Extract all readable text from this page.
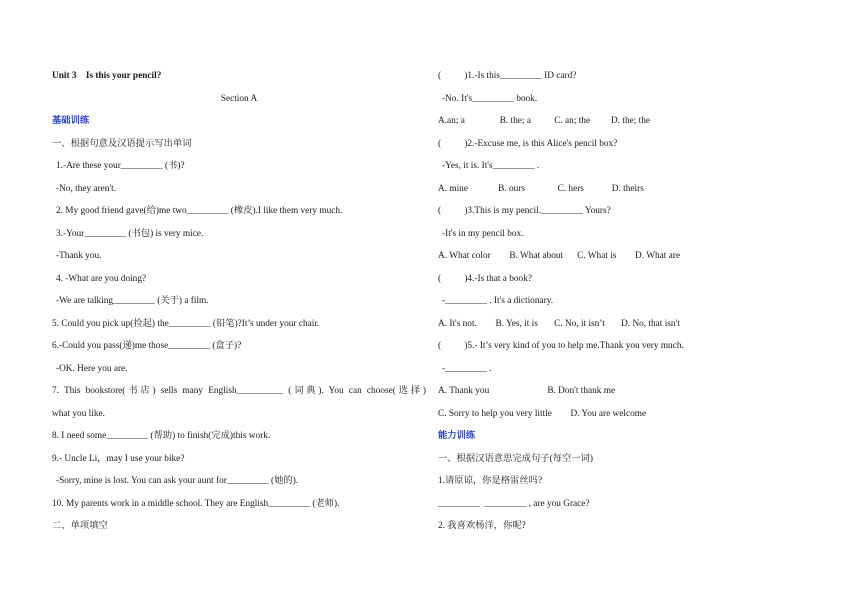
Unit 3    Is this your pencil?
Section A
基础训练
一、根据句意及汉语提示写出单词
1.-Are these your_________ (书)?
-No, they aren't.
2. My good friend gave(给)me two_________ (橡皮).I like them very much.
3.-Your_________ (书包) is very mice.
-Thank you.
4. -What are you doing?
-We are talking_________ (关于) a film.
5. Could you pick up(捡起) the_________ (铅笔)?It’s under your chair.
6.-Could you pass(递)me those_________ (盒子)?
-OK. Here you are.
7. This bookstore(书店) sells many English__________ (词典). You can choose(选择)
what you like.
8. I need some_________ (帮助) to finish(完成)this work.
9.- Uncle Li，may I use your bike?
-Sorry, mine is lost. You can ask your aunt for_________ (她的).
10. My parents work in a middle school. They are English_________ (老师).
二、单项填空
(          )1.-Is this_________ ID card?
-No. It's_________ book.
A.an; a               B. the; a          C. an; the         D. the; the
(          )2.-Excuse me, is this Alice's pencil box?
-Yes, it is. It's_________ .
A. mine             B. ours              C. hers            D. theirs
(          )3.This is my pencil._________ Yours?
-It's in my pencil box.
A. What color        B. What about      C. What is        D. What are
(          )4.-Is that a book?
-_________ . It's a dictionary.
A. It's not.        B. Yes, it is       C. No, it isn’t       D. No, that isn't
(          )5.- It’s very kind of you to help me.Thank you very much.
-_________ .
A. Thank you                         B. Don't thank me
C. Sorry to help you very little        D. You are welcome
能力训练
一、根据汉语意思完成句子(每空一词)
1.请原谅，你是格雷丝吗?
_________  _________ , are you Grace?
2. 我喜欢杨洋，你呢?
